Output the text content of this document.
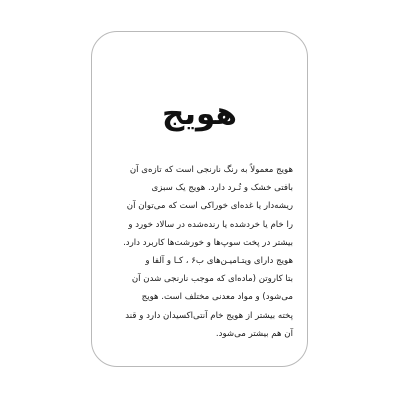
هویج
هویج معمولاً به رنگ نارنجی است که تازه‌ی آن
بافتی خشک و تُـرد دارد. هویج یک سبزی
ریشه‌دار یا غده‌ای خوراکی است که می‌توان آن
را خام یا خردشده یا رنده‌شده در سالاد خورد و
بیشتر در پخت سوپ‌ها و خورشت‌ها کاربرد دارد.
هویج دارای ویتـامیـن‌های ب۶ ، کـا و آلفا و
بتا کاروتن (ماده‌ای که موجب نارنجی شدن آن
می‌شود) و مواد معدنی مختلف است. هویج
پخته بیشتر از هویج خام آنتی‌اکسیدان دارد و قند
آن هم بیشتر می‌شود.
